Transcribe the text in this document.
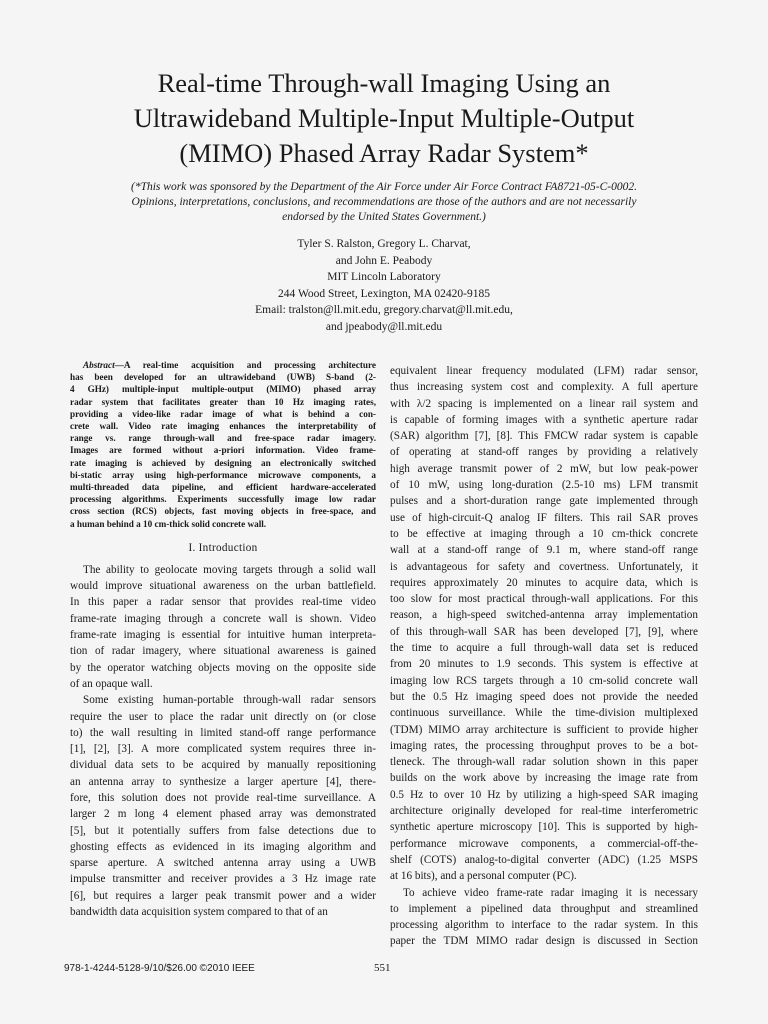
Real-time Through-wall Imaging Using an
Ultrawideband Multiple-Input Multiple-Output
(MIMO) Phased Array Radar System*
(*This work was sponsored by the Department of the Air Force under Air Force Contract FA8721-05-C-0002.
Opinions, interpretations, conclusions, and recommendations are those of the authors and are not necessarily
endorsed by the United States Government.)
Tyler S. Ralston, Gregory L. Charvat,
and John E. Peabody
MIT Lincoln Laboratory
244 Wood Street, Lexington, MA 02420-9185
Email: tralston@ll.mit.edu, gregory.charvat@ll.mit.edu,
and jpeabody@ll.mit.edu
Abstract—A real-time acquisition and processing architecture
has been developed for an ultrawideband (UWB) S-band (2-
4 GHz) multiple-input multiple-output (MIMO) phased array
radar system that facilitates greater than 10 Hz imaging rates,
providing a video-like radar image of what is behind a con-
crete wall. Video rate imaging enhances the interpretability of
range vs. range through-wall and free-space radar imagery.
Images are formed without a-priori information. Video frame-
rate imaging is achieved by designing an electronically switched
bi-static array using high-performance microwave components, a
multi-threaded data pipeline, and efficient hardware-accelerated
processing algorithms. Experiments successfully image low radar
cross section (RCS) objects, fast moving objects in free-space, and
a human behind a 10 cm-thick solid concrete wall.
I. Introduction
The ability to geolocate moving targets through a solid wall
would improve situational awareness on the urban battlefield.
In this paper a radar sensor that provides real-time video
frame-rate imaging through a concrete wall is shown. Video
frame-rate imaging is essential for intuitive human interpreta-
tion of radar imagery, where situational awareness is gained
by the operator watching objects moving on the opposite side
of an opaque wall.
Some existing human-portable through-wall radar sensors
require the user to place the radar unit directly on (or close
to) the wall resulting in limited stand-off range performance
[1], [2], [3]. A more complicated system requires three in-
dividual data sets to be acquired by manually repositioning
an antenna array to synthesize a larger aperture [4], there-
fore, this solution does not provide real-time surveillance. A
larger 2 m long 4 element phased array was demonstrated
[5], but it potentially suffers from false detections due to
ghosting effects as evidenced in its imaging algorithm and
sparse aperture. A switched antenna array using a UWB
impulse transmitter and receiver provides a 3 Hz image rate
[6], but requires a larger peak transmit power and a wider
bandwidth data acquisition system compared to that of an
equivalent linear frequency modulated (LFM) radar sensor,
thus increasing system cost and complexity. A full aperture
with λ/2 spacing is implemented on a linear rail system and
is capable of forming images with a synthetic aperture radar
(SAR) algorithm [7], [8]. This FMCW radar system is capable
of operating at stand-off ranges by providing a relatively
high average transmit power of 2 mW, but low peak-power
of 10 mW, using long-duration (2.5-10 ms) LFM transmit
pulses and a short-duration range gate implemented through
use of high-circuit-Q analog IF filters. This rail SAR proves
to be effective at imaging through a 10 cm-thick concrete
wall at a stand-off range of 9.1 m, where stand-off range
is advantageous for safety and covertness. Unfortunately, it
requires approximately 20 minutes to acquire data, which is
too slow for most practical through-wall applications. For this
reason, a high-speed switched-antenna array implementation
of this through-wall SAR has been developed [7], [9], where
the time to acquire a full through-wall data set is reduced
from 20 minutes to 1.9 seconds. This system is effective at
imaging low RCS targets through a 10 cm-solid concrete wall
but the 0.5 Hz imaging speed does not provide the needed
continuous surveillance. While the time-division multiplexed
(TDM) MIMO array architecture is sufficient to provide higher
imaging rates, the processing throughput proves to be a bot-
tleneck. The through-wall radar solution shown in this paper
builds on the work above by increasing the image rate from
0.5 Hz to over 10 Hz by utilizing a high-speed SAR imaging
architecture originally developed for real-time interferometric
synthetic aperture microscopy [10]. This is supported by high-
performance microwave components, a commercial-off-the-
shelf (COTS) analog-to-digital converter (ADC) (1.25 MSPS
at 16 bits), and a personal computer (PC).
To achieve video frame-rate radar imaging it is necessary
to implement a pipelined data throughput and streamlined
processing algorithm to interface to the radar system. In this
paper the TDM MIMO radar design is discussed in Section
978-1-4244-5128-9/10/$26.00 ©2010 IEEE	551
